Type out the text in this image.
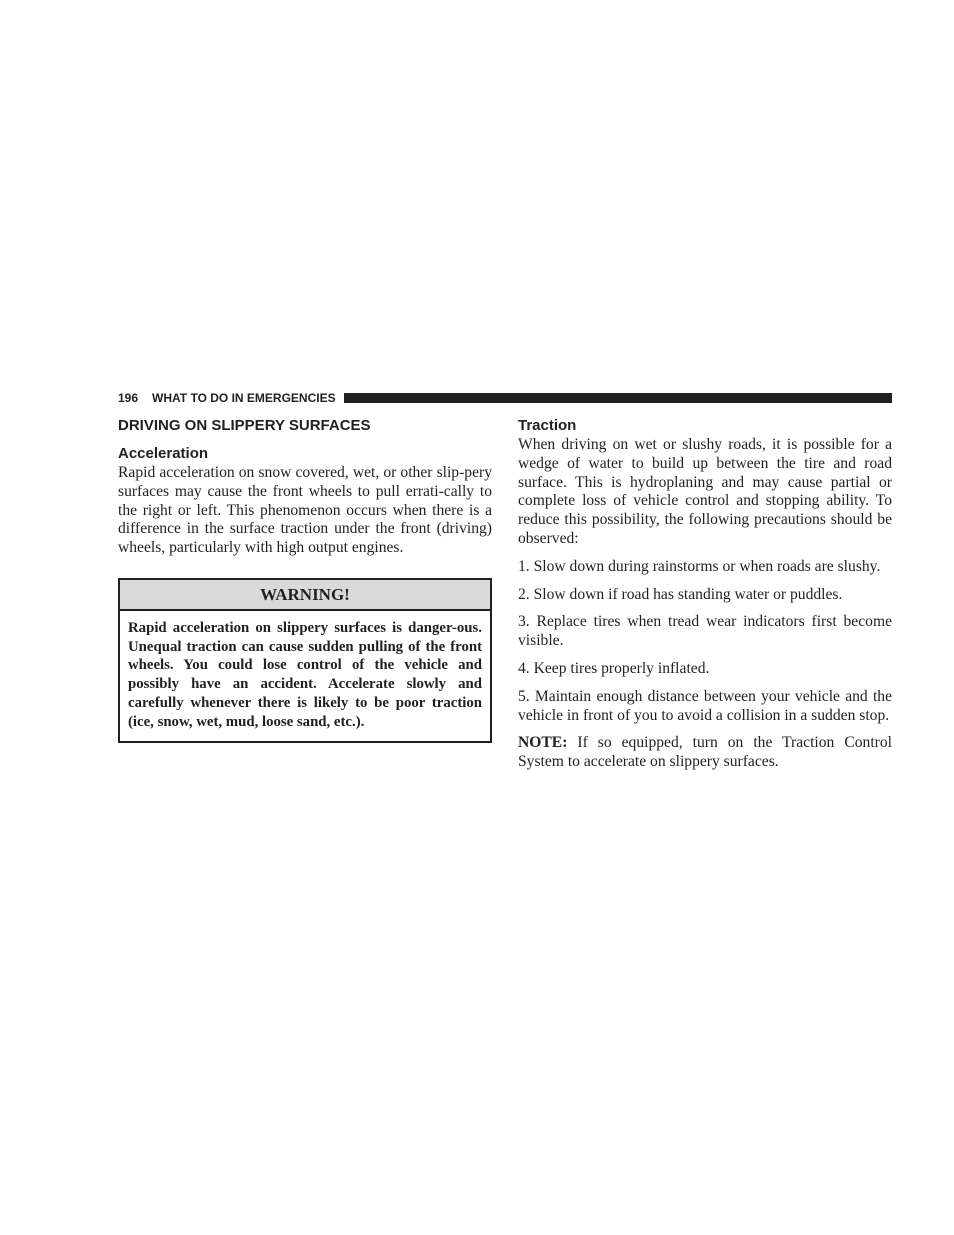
196 WHAT TO DO IN EMERGENCIES
DRIVING ON SLIPPERY SURFACES
Acceleration

Rapid acceleration on snow covered, wet, or other slip-pery surfaces may cause the front wheels to pull errati-cally to the right or left. This phenomenon occurs when there is a difference in the surface traction under the front (driving) wheels, particularly with high output engines.

WARNING!
Rapid acceleration on slippery surfaces is danger-ous. Unequal traction can cause sudden pulling of the front wheels. You could lose control of the vehicle and possibly have an accident. Accelerate slowly and carefully whenever there is likely to be poor traction (ice, snow, wet, mud, loose sand, etc.).
Traction

When driving on wet or slushy roads, it is possible for a wedge of water to build up between the tire and road surface. This is hydroplaning and may cause partial or complete loss of vehicle control and stopping ability. To reduce this possibility, the following precautions should be observed:

1. Slow down during rainstorms or when roads are slushy.

2. Slow down if road has standing water or puddles.

3. Replace tires when tread wear indicators first become visible.

4. Keep tires properly inflated.

5. Maintain enough distance between your vehicle and the vehicle in front of you to avoid a collision in a sudden stop.

NOTE: If so equipped, turn on the Traction Control System to accelerate on slippery surfaces.
